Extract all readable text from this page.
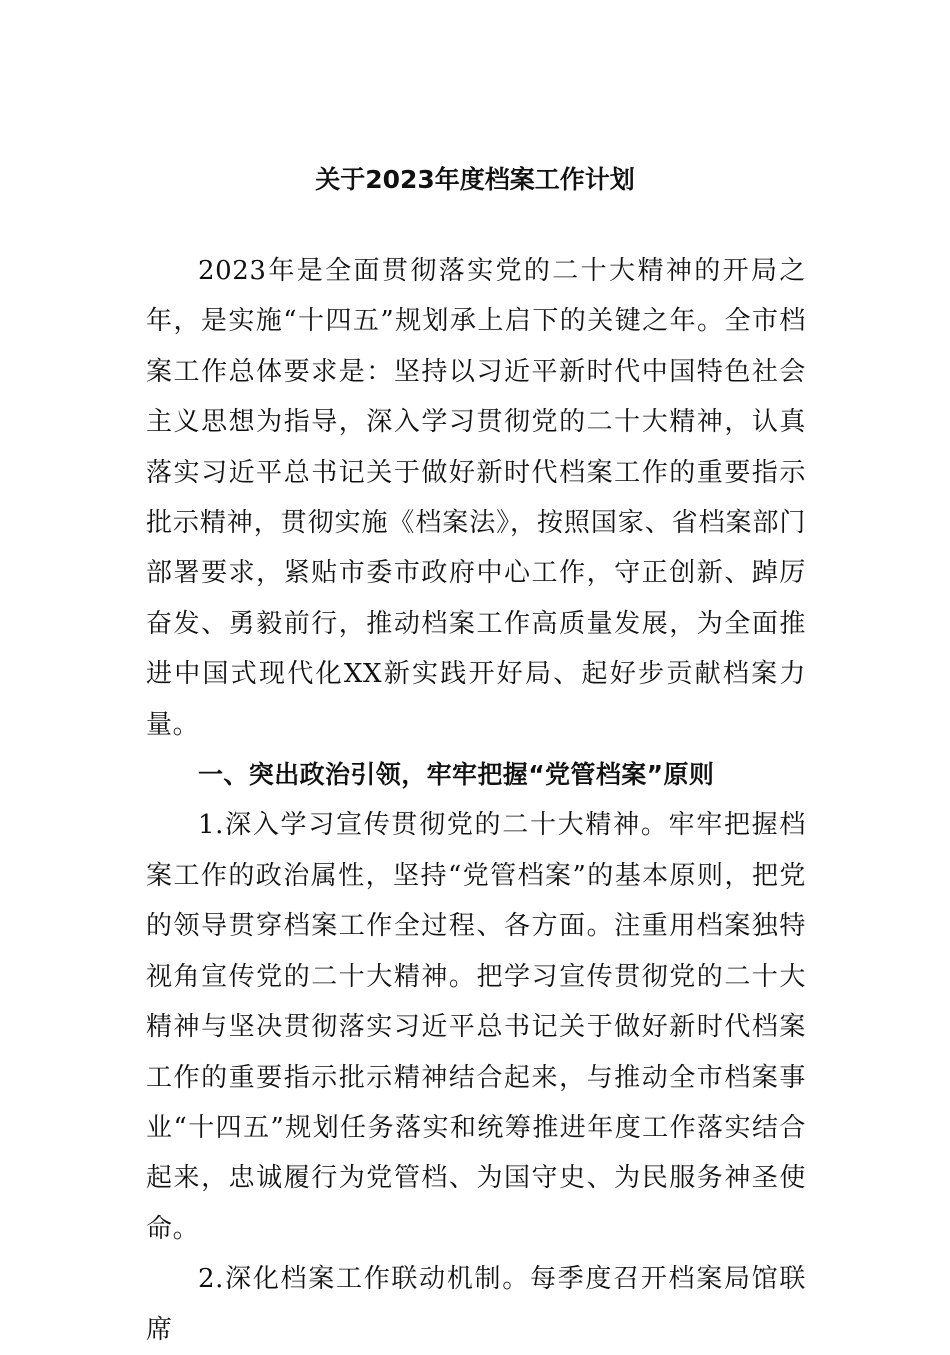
关于2023年度档案工作计划

2023年是全面贯彻落实党的二十大精神的开局之年，是实施“十四五”规划承上启下的关键之年。全市档案工作总体要求是：坚持以习近平新时代中国特色社会主义思想为指导，深入学习贯彻党的二十大精神，认真落实习近平总书记关于做好新时代档案工作的重要指示批示精神，贯彻实施《档案法》，按照国家、省档案部门部署要求，紧贴市委市政府中心工作，守正创新、踔厉奋发、勇毅前行，推动档案工作高质量发展，为全面推进中国式现代化XX新实践开好局、起好步贡献档案力量。

一、突出政治引领，牢牢把握“党管档案”原则

1.深入学习宣传贯彻党的二十大精神。牢牢把握档案工作的政治属性，坚持“党管档案”的基本原则，把党的领导贯穿档案工作全过程、各方面。注重用档案独特视角宣传党的二十大精神。把学习宣传贯彻党的二十大精神与坚决贯彻落实习近平总书记关于做好新时代档案工作的重要指示批示精神结合起来，与推动全市档案事业“十四五”规划任务落实和统筹推进年度工作落实结合起来，忠诚履行为党管档、为国守史、为民服务神圣使命。

2.深化档案工作联动机制。每季度召开档案局馆联席
